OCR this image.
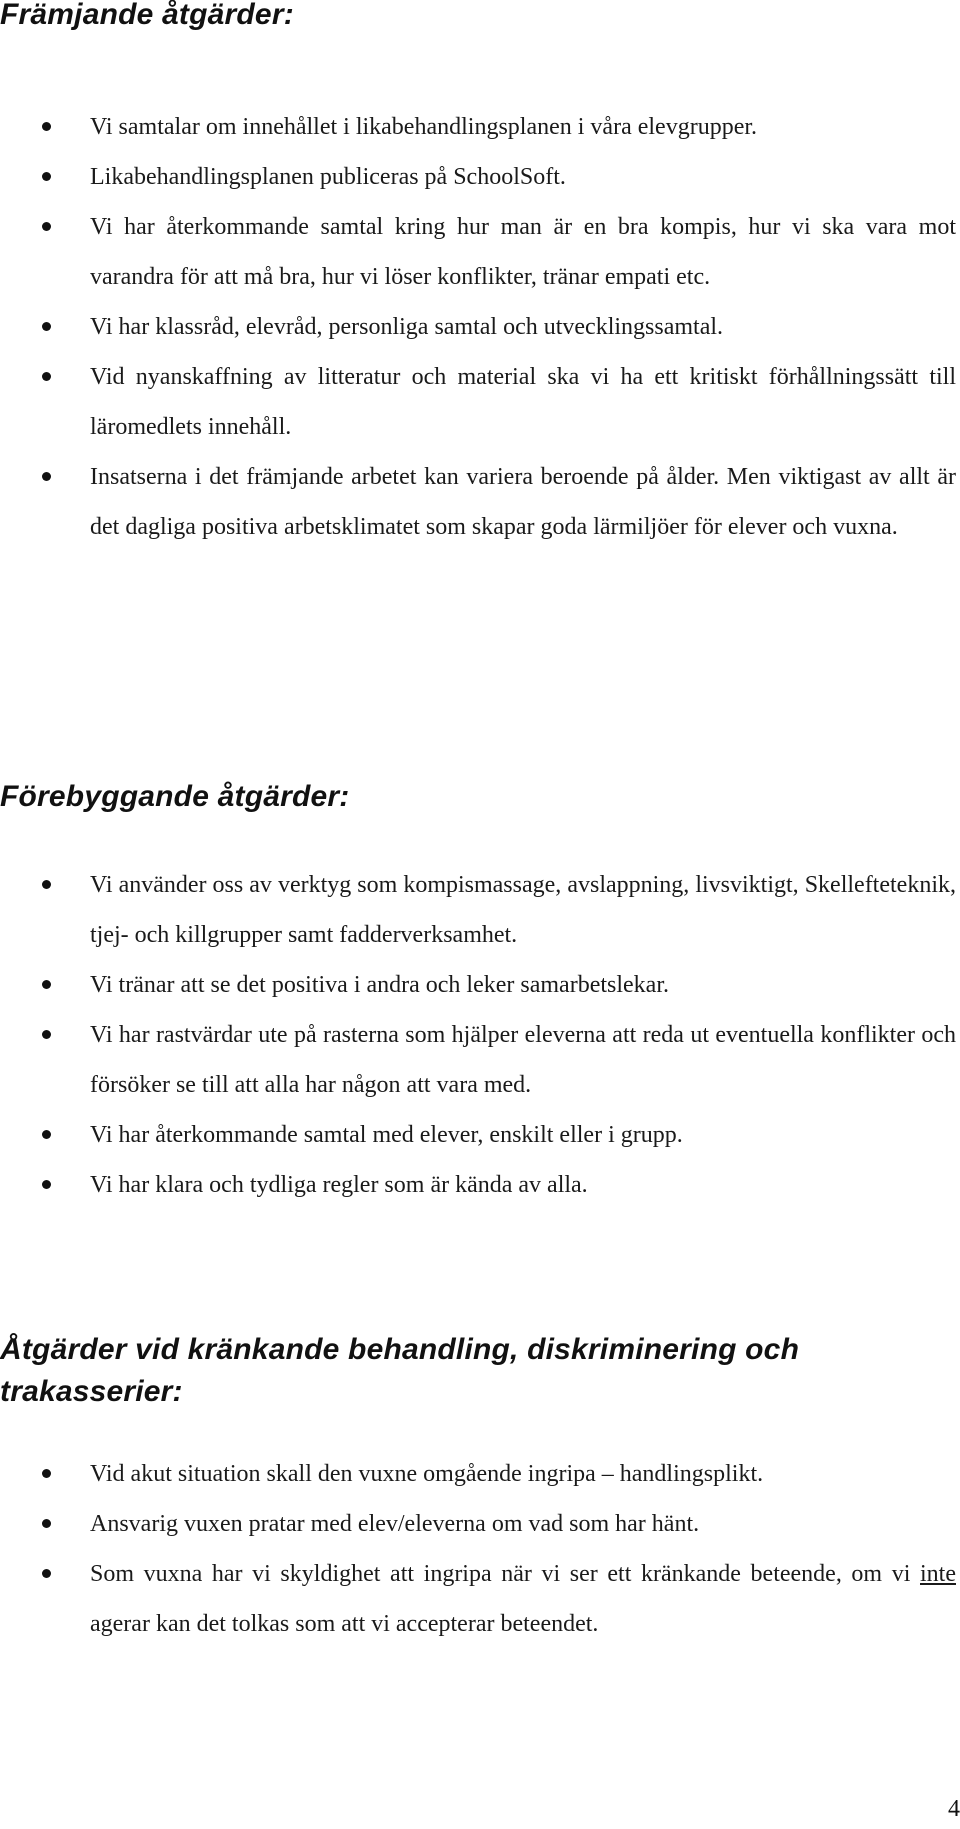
Främjande åtgärder:
Vi samtalar om innehållet i likabehandlingsplanen i våra elevgrupper.
Likabehandlingsplanen publiceras på SchoolSoft.
Vi har återkommande samtal kring hur man är en bra kompis, hur vi ska vara mot varandra för att må bra, hur vi löser konflikter, tränar empati etc.
Vi har klassråd, elevråd, personliga samtal och utvecklingssamtal.
Vid nyanskaffning av litteratur och material ska vi ha ett kritiskt förhållningssätt till läromedlets innehåll.
Insatserna i det främjande arbetet kan variera beroende på ålder. Men viktigast av allt är det dagliga positiva arbetsklimatet som skapar goda lärmiljöer för elever och vuxna.
Förebyggande åtgärder:
Vi använder oss av verktyg som kompismassage, avslappning, livsviktigt, Skellefteteknik, tjej- och killgrupper samt fadderverksamhet.
Vi tränar att se det positiva i andra och leker samarbetslekar.
Vi har rastvärdar ute på rasterna som hjälper eleverna att reda ut eventuella konflikter och försöker se till att alla har någon att vara med.
Vi har återkommande samtal med elever, enskilt eller i grupp.
Vi har klara och tydliga regler som är kända av alla.
Åtgärder vid kränkande behandling, diskriminering och
trakasserier:
Vid akut situation skall den vuxne omgående ingripa – handlingsplikt.
Ansvarig vuxen pratar med elev/eleverna om vad som har hänt.
Som vuxna har vi skyldighet att ingripa när vi ser ett kränkande beteende, om vi inte agerar kan det tolkas som att vi accepterar beteendet.
4
